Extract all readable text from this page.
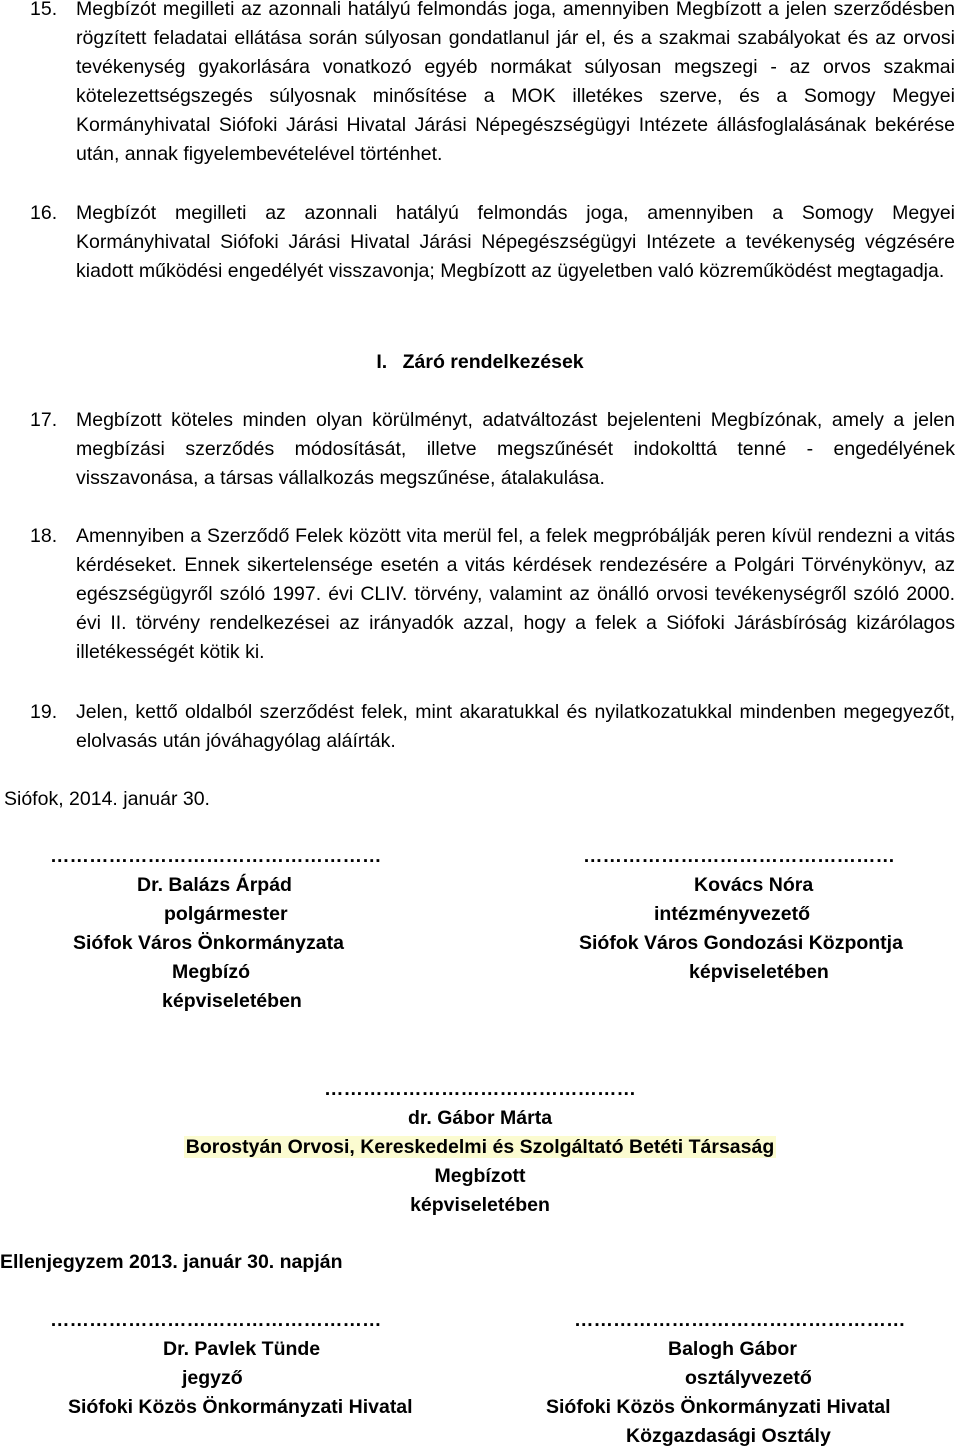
15. Megbízót megilleti az azonnali hatályú felmondás joga, amennyiben Megbízott a jelen szerződésben rögzített feladatai ellátása során súlyosan gondatlanul jár el, és a szakmai szabályokat és az orvosi tevékenység gyakorlására vonatkozó egyéb normákat súlyosan megszegi - az orvos szakmai kötelezettségszegés súlyosnak minősítése a MOK illetékes szerve, és a Somogy Megyei Kormányhivatal Siófoki Járási Hivatal Járási Népegészségügyi Intézete állásfoglalásának bekérése után, annak figyelembevételével történhet.
16. Megbízót megilleti az azonnali hatályú felmondás joga, amennyiben a Somogy Megyei Kormányhivatal Siófoki Járási Hivatal Járási Népegészségügyi Intézete a tevékenység végzésére kiadott működési engedélyét visszavonja; Megbízott az ügyeletben való közreműködést megtagadja.
I. Záró rendelkezések
17. Megbízott köteles minden olyan körülményt, adatváltozást bejelenteni Megbízónak, amely a jelen megbízási szerződés módosítását, illetve megszűnését indokolttá tenné - engedélyének visszavonása, a társas vállalkozás megszűnése, átalakulása.
18. Amennyiben a Szerződő Felek között vita merül fel, a felek megpróbálják peren kívül rendezni a vitás kérdéseket. Ennek sikertelensége esetén a vitás kérdések rendezésére a Polgári Törvénykönyv, az egészségügyről szóló 1997. évi CLIV. törvény, valamint az önálló orvosi tevékenységről szóló 2000. évi II. törvény rendelkezései az irányadók azzal, hogy a felek a Siófoki Járásbíróság kizárólagos illetékességét kötik ki.
19. Jelen, kettő oldalból szerződést felek, mint akaratukkal és nyilatkozatukkal mindenben megegyezőt, elolvasás után jóváhagyólag aláírták.
Siófok, 2014. január 30.
……………………………………………
Dr. Balázs Árpád
polgármester
Siófok Város Önkormányzata
Megbízó
képviseletében
…………………………………………
Kovács Nóra
intézményvezető
Siófok Város Gondozási Központja
képviseletében
…………………………………………
dr. Gábor Márta
Borostyán Orvosi, Kereskedelmi és Szolgáltató Betéti Társaság
Megbízott
képviseletében
Ellenjegyzem 2013. január 30. napján
……………………………………………
Dr. Pavlek Tünde
jegyző
Siófoki Közös Önkormányzati Hivatal
……………………………………………
Balogh Gábor
osztályvezető
Siófoki Közös Önkormányzati Hivatal
Közgazdasági Osztály
